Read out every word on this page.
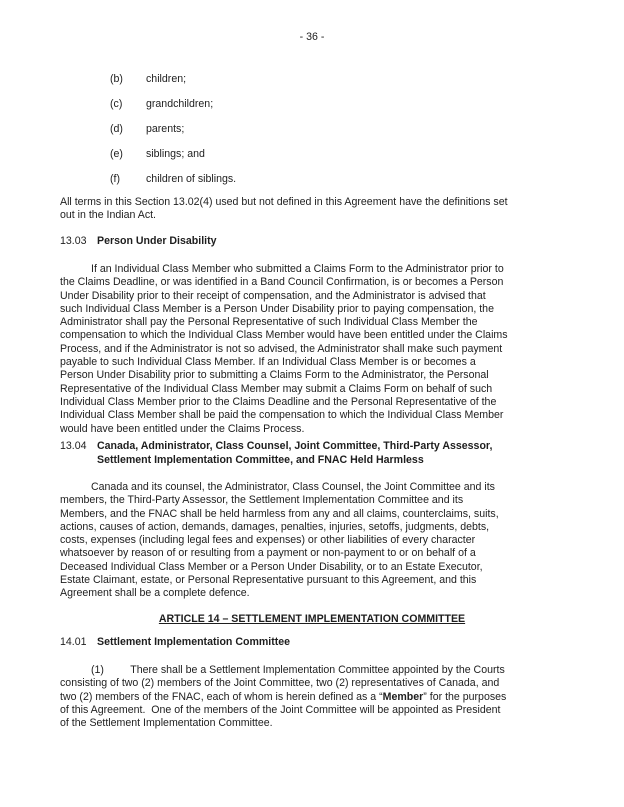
- 36 -
(b) children;
(c) grandchildren;
(d) parents;
(e) siblings; and
(f) children of siblings.
All terms in this Section 13.02(4) used but not defined in this Agreement have the definitions set
out in the Indian Act.
13.03 Person Under Disability
If an Individual Class Member who submitted a Claims Form to the Administrator prior to
the Claims Deadline, or was identified in a Band Council Confirmation, is or becomes a Person
Under Disability prior to their receipt of compensation, and the Administrator is advised that
such Individual Class Member is a Person Under Disability prior to paying compensation, the
Administrator shall pay the Personal Representative of such Individual Class Member the
compensation to which the Individual Class Member would have been entitled under the Claims
Process, and if the Administrator is not so advised, the Administrator shall make such payment
payable to such Individual Class Member. If an Individual Class Member is or becomes a
Person Under Disability prior to submitting a Claims Form to the Administrator, the Personal
Representative of the Individual Class Member may submit a Claims Form on behalf of such
Individual Class Member prior to the Claims Deadline and the Personal Representative of the
Individual Class Member shall be paid the compensation to which the Individual Class Member
would have been entitled under the Claims Process.
13.04 Canada, Administrator, Class Counsel, Joint Committee, Third-Party Assessor,
Settlement Implementation Committee, and FNAC Held Harmless
Canada and its counsel, the Administrator, Class Counsel, the Joint Committee and its
members, the Third-Party Assessor, the Settlement Implementation Committee and its
Members, and the FNAC shall be held harmless from any and all claims, counterclaims, suits,
actions, causes of action, demands, damages, penalties, injuries, setoffs, judgments, debts,
costs, expenses (including legal fees and expenses) or other liabilities of every character
whatsoever by reason of or resulting from a payment or non-payment to or on behalf of a
Deceased Individual Class Member or a Person Under Disability, or to an Estate Executor,
Estate Claimant, estate, or Personal Representative pursuant to this Agreement, and this
Agreement shall be a complete defence.
ARTICLE 14 – SETTLEMENT IMPLEMENTATION COMMITTEE
14.01 Settlement Implementation Committee
(1)         There shall be a Settlement Implementation Committee appointed by the Courts
consisting of two (2) members of the Joint Committee, two (2) representatives of Canada, and
two (2) members of the FNAC, each of whom is herein defined as a “Member” for the purposes
of this Agreement.  One of the members of the Joint Committee will be appointed as President
of the Settlement Implementation Committee.
